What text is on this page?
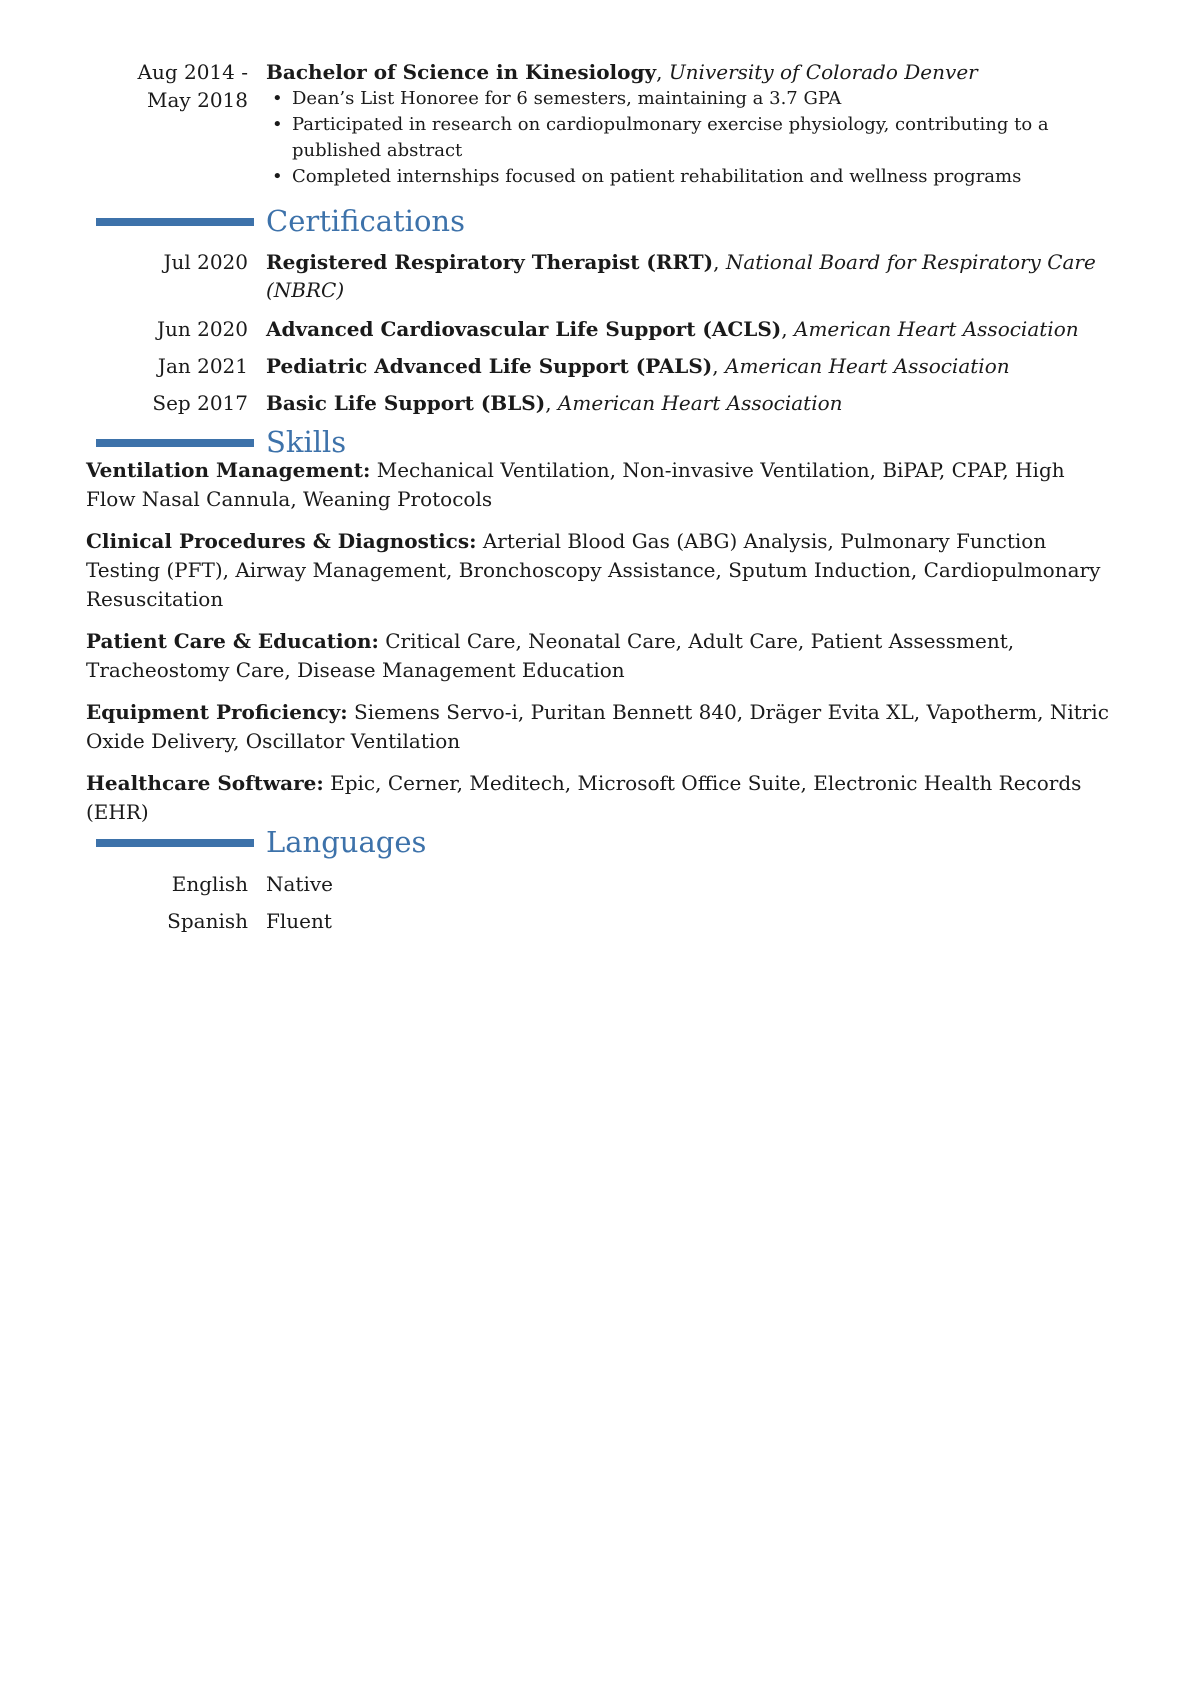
Aug 2014 -
May 2018
Bachelor of Science in Kinesiology, University of Colorado Denver
• Dean’s List Honoree for 6 semesters, maintaining a 3.7 GPA
• Participated in research on cardiopulmonary exercise physiology, contributing to a published abstract
• Completed internships focused on patient rehabilitation and wellness programs
Certifications
Jul 2020 Registered Respiratory Therapist (RRT), National Board for Respiratory Care (NBRC)
Jun 2020 Advanced Cardiovascular Life Support (ACLS), American Heart Association
Jan 2021 Pediatric Advanced Life Support (PALS), American Heart Association
Sep 2017 Basic Life Support (BLS), American Heart Association
Skills
Ventilation Management: Mechanical Ventilation, Non-invasive Ventilation, BiPAP, CPAP, High Flow Nasal Cannula, Weaning Protocols
Clinical Procedures & Diagnostics: Arterial Blood Gas (ABG) Analysis, Pulmonary Function Testing (PFT), Airway Management, Bronchoscopy Assistance, Sputum Induction, Cardiopulmonary Resuscitation
Patient Care & Education: Critical Care, Neonatal Care, Adult Care, Patient Assessment, Tracheostomy Care, Disease Management Education
Equipment Proficiency: Siemens Servo-i, Puritan Bennett 840, Dräger Evita XL, Vapotherm, Nitric Oxide Delivery, Oscillator Ventilation
Healthcare Software: Epic, Cerner, Meditech, Microsoft Office Suite, Electronic Health Records (EHR)
Languages
English Native
Spanish Fluent
